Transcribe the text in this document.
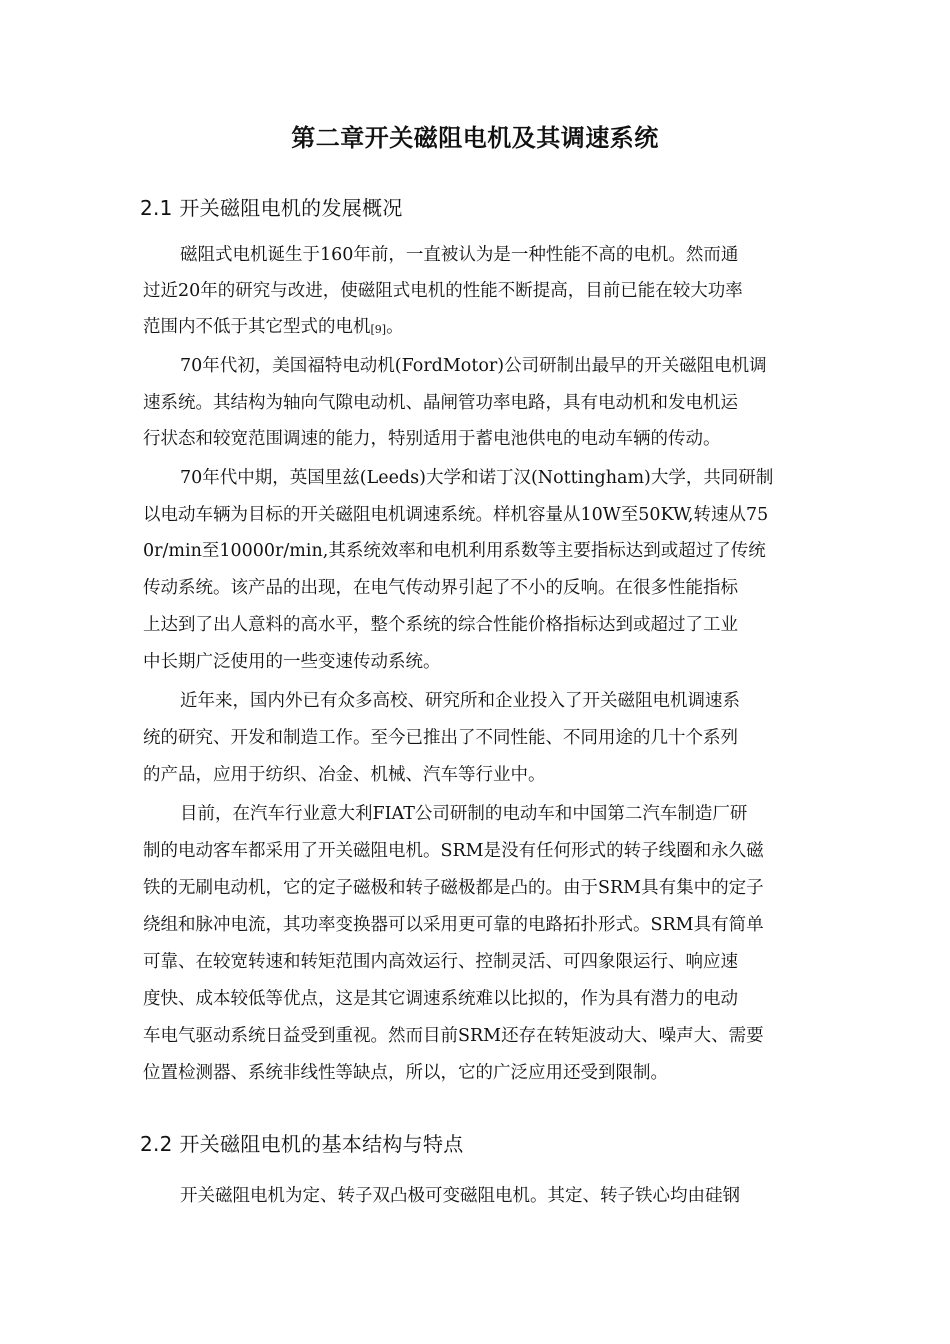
第二章开关磁阻电机及其调速系统
2.1 开关磁阻电机的发展概况

磁阻式电机诞生于160年前，一直被认为是一种性能不高的电机。然而通

过近20年的研究与改进，使磁阻式电机的性能不断提高，目前已能在较大功率

范围内不低于其它型式的电机[9]。

70年代初，美国福特电动机(FordMotor)公司研制出最早的开关磁阻电机调

速系统。其结构为轴向气隙电动机、晶闸管功率电路，具有电动机和发电机运

行状态和较宽范围调速的能力，特别适用于蓄电池供电的电动车辆的传动。

70年代中期，英国里兹(Leeds)大学和诺丁汉(Nottingham)大学，共同研制

以电动车辆为目标的开关磁阻电机调速系统。样机容量从10W至50KW,转速从75

0r/min至10000r/min,其系统效率和电机利用系数等主要指标达到或超过了传统

传动系统。该产品的出现，在电气传动界引起了不小的反响。在很多性能指标

上达到了出人意料的高水平，整个系统的综合性能价格指标达到或超过了工业

中长期广泛使用的一些变速传动系统。

近年来，国内外已有众多高校、研究所和企业投入了开关磁阻电机调速系

统的研究、开发和制造工作。至今已推出了不同性能、不同用途的几十个系列

的产品，应用于纺织、冶金、机械、汽车等行业中。

目前，在汽车行业意大利FIAT公司研制的电动车和中国第二汽车制造厂研

制的电动客车都采用了开关磁阻电机。SRM是没有任何形式的转子线圈和永久磁

铁的无刷电动机，它的定子磁极和转子磁极都是凸的。由于SRM具有集中的定子

绕组和脉冲电流，其功率变换器可以采用更可靠的电路拓扑形式。SRM具有简单

可靠、在较宽转速和转矩范围内高效运行、控制灵活、可四象限运行、响应速

度快、成本较低等优点，这是其它调速系统难以比拟的，作为具有潜力的电动

车电气驱动系统日益受到重视。然而目前SRM还存在转矩波动大、噪声大、需要

位置检测器、系统非线性等缺点，所以，它的广泛应用还受到限制。

2.2 开关磁阻电机的基本结构与特点

开关磁阻电机为定、转子双凸极可变磁阻电机。其定、转子铁心均由硅钢
